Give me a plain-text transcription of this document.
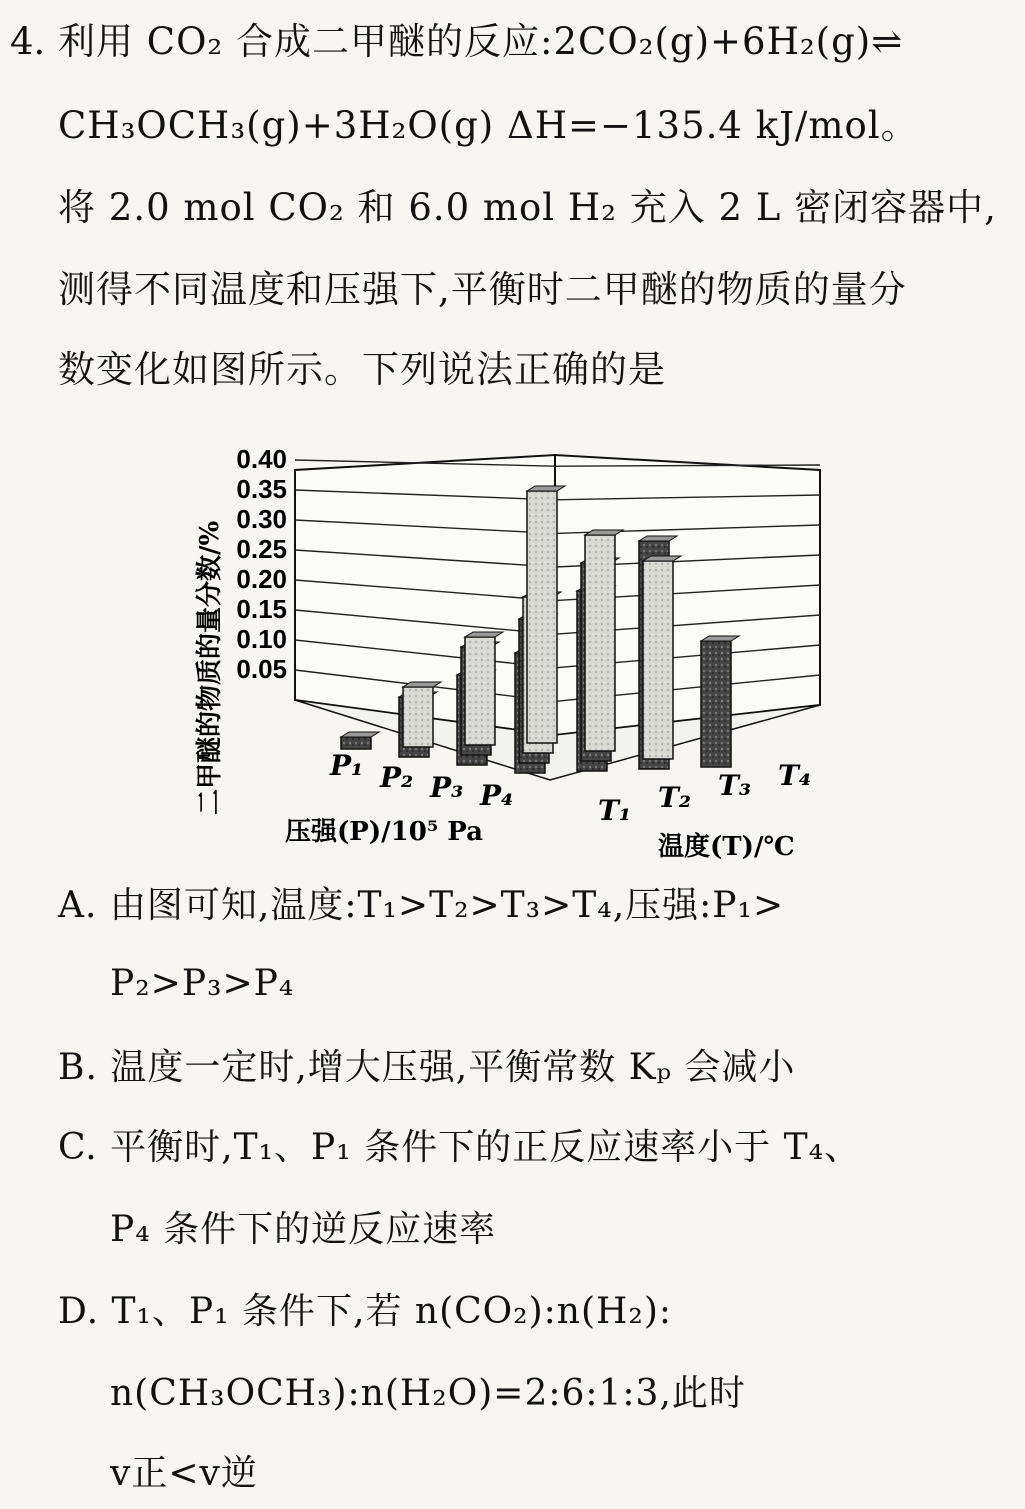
4. 利用 CO₂ 合成二甲醚的反应:2CO₂(g)+6H₂(g)⇌
CH₃OCH₃(g)+3H₂O(g) ΔH=−135.4 kJ/mol。
将 2.0 mol CO₂ 和 6.0 mol H₂ 充入 2 L 密闭容器中,
测得不同温度和压强下,平衡时二甲醚的物质的量分
数变化如图所示。下列说法正确的是
0.05
0.10
0.15
0.20
0.25
0.30
0.35
0.40
二甲醚的物质的量分数/%	P₁ P₂ P₃ P₄	T₁ T₂ T₃ T₄
压强(P)/10⁵ Pa	温度(T)/℃
A. 由图可知,温度:T₁>T₂>T₃>T₄,压强:P₁>
P₂>P₃>P₄
B. 温度一定时,增大压强,平衡常数 Kₚ 会减小
C. 平衡时,T₁、P₁ 条件下的正反应速率小于 T₄、
P₄ 条件下的逆反应速率
D. T₁、P₁ 条件下,若 n(CO₂):n(H₂):
n(CH₃OCH₃):n(H₂O)=2:6:1:3,此时
v正<v逆
